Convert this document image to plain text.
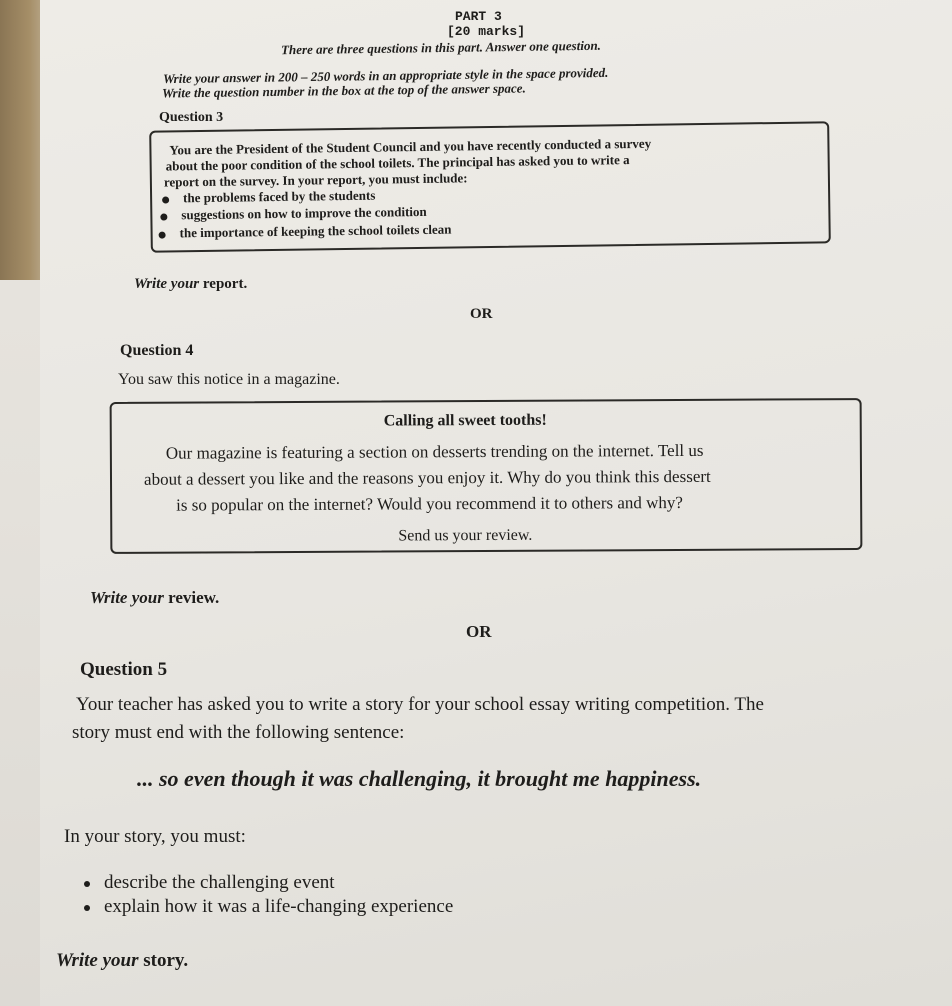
PART 3
[20 marks]
There are three questions in this part. Answer one question.
Write your answer in 200 – 250 words in an appropriate style in the space provided.
Write the question number in the box at the top of the answer space.
Question 3
You are the President of the Student Council and you have recently conducted a survey
about the poor condition of the school toilets. The principal has asked you to write a
report on the survey. In your report, you must include:
the problems faced by the students
suggestions on how to improve the condition
the importance of keeping the school toilets clean
Write your report.
OR
Question 4
You saw this notice in a magazine.
Calling all sweet tooths!
Our magazine is featuring a section on desserts trending on the internet. Tell us
about a dessert you like and the reasons you enjoy it. Why do you think this dessert
is so popular on the internet? Would you recommend it to others and why?
Send us your review.
Write your review.
OR
Question 5
Your teacher has asked you to write a story for your school essay writing competition. The
story must end with the following sentence:
... so even though it was challenging, it brought me happiness.
In your story, you must:
describe the challenging event
explain how it was a life-changing experience
Write your story.
